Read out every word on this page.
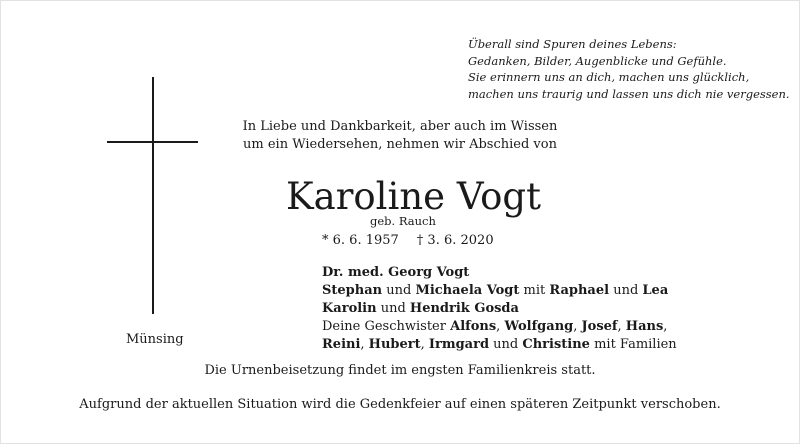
Überall sind Spuren deines Lebens:
Gedanken, Bilder, Augenblicke und Gefühle.
Sie erinnern uns an dich, machen uns glücklich,
machen uns traurig und lassen uns dich nie vergessen.
In Liebe und Dankbarkeit, aber auch im Wissen
um ein Wiedersehen, nehmen wir Abschied von
Karoline Vogt
geb. Rauch
* 6. 6. 1957 † 3. 6. 2020
Dr. med. Georg Vogt
Stephan und Michaela Vogt mit Raphael und Lea
Karolin und Hendrik Gosda
Deine Geschwister Alfons, Wolfgang, Josef, Hans,
Reini, Hubert, Irmgard und Christine mit Familien
Münsing
Die Urnenbeisetzung findet im engsten Familienkreis statt.
Aufgrund der aktuellen Situation wird die Gedenkfeier auf einen späteren Zeitpunkt verschoben.
